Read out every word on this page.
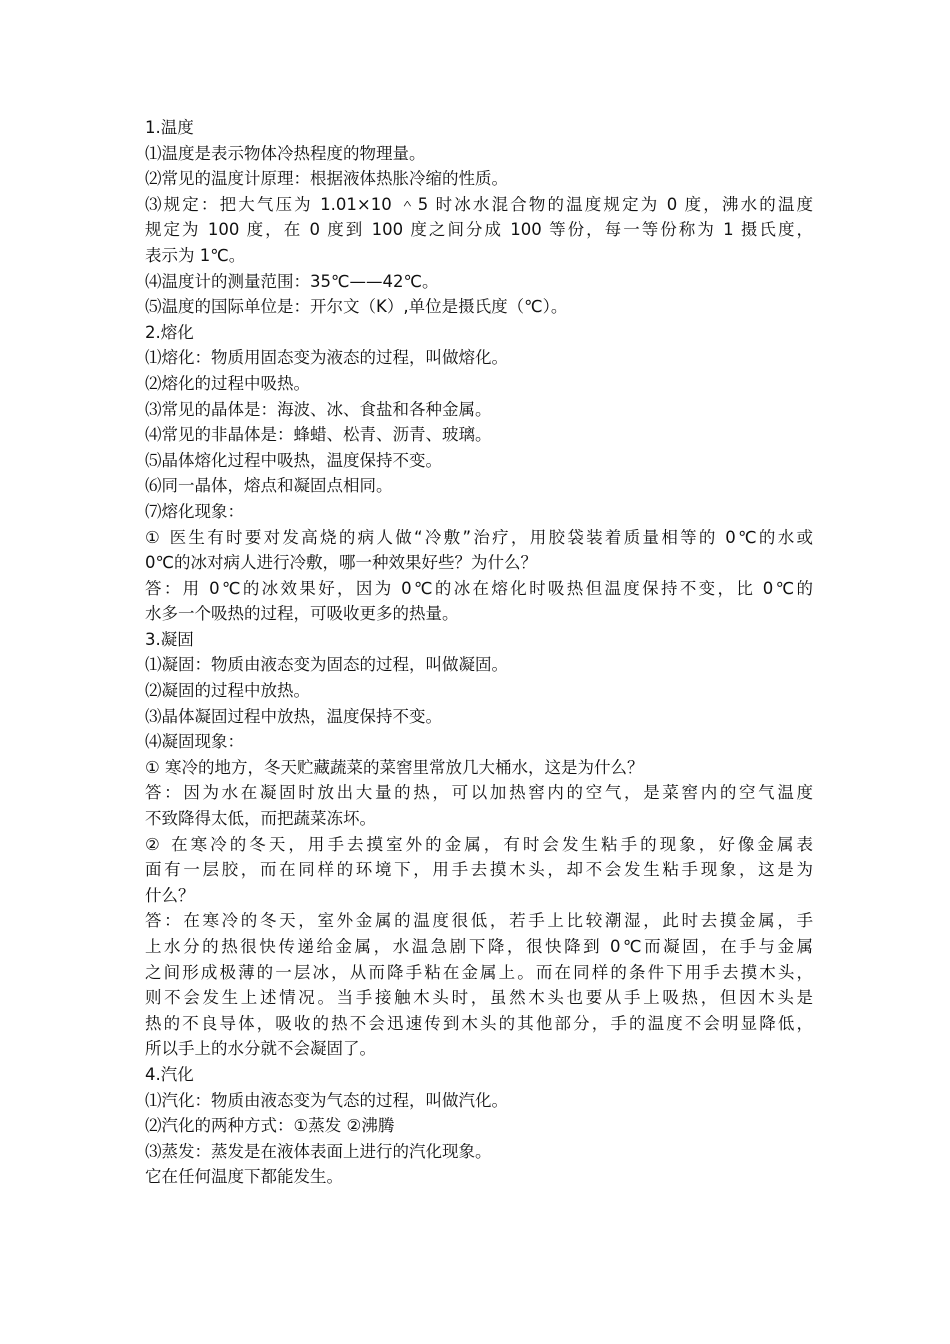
1.温度
⑴温度是表示物体冷热程度的物理量。
⑵常见的温度计原理：根据液体热胀冷缩的性质。
⑶规定：把大气压为 1.01×10 ＾5 时冰水混合物的温度规定为 0 度，沸水的温度
规定为 100 度，在 0 度到 100 度之间分成 100 等份，每一等份称为 1 摄氏度，
表示为 1℃。
⑷温度计的测量范围：35℃——42℃。
⑸温度的国际单位是：开尔文（K）,单位是摄氏度（℃）。
2.熔化
⑴熔化：物质用固态变为液态的过程，叫做熔化。
⑵熔化的过程中吸热。
⑶常见的晶体是：海波、冰、食盐和各种金属。
⑷常见的非晶体是：蜂蜡、松青、沥青、玻璃。
⑸晶体熔化过程中吸热，温度保持不变。
⑹同一晶体，熔点和凝固点相同。
⑺熔化现象：
① 医生有时要对发高烧的病人做“冷敷”治疗，用胶袋装着质量相等的 0℃的水或
0℃的冰对病人进行冷敷，哪一种效果好些？为什么？
答：用 0℃的冰效果好，因为 0℃的冰在熔化时吸热但温度保持不变，比 0℃的
水多一个吸热的过程，可吸收更多的热量。
3.凝固
⑴凝固：物质由液态变为固态的过程，叫做凝固。
⑵凝固的过程中放热。
⑶晶体凝固过程中放热，温度保持不变。
⑷凝固现象：
① 寒冷的地方，冬天贮藏蔬菜的菜窖里常放几大桶水，这是为什么？
答：因为水在凝固时放出大量的热，可以加热窖内的空气，是菜窖内的空气温度
不致降得太低，而把蔬菜冻坏。
② 在寒冷的冬天，用手去摸室外的金属，有时会发生粘手的现象，好像金属表
面有一层胶，而在同样的环境下，用手去摸木头，却不会发生粘手现象，这是为
什么？
答：在寒冷的冬天，室外金属的温度很低，若手上比较潮湿，此时去摸金属，手
上水分的热很快传递给金属，水温急剧下降，很快降到 0℃而凝固，在手与金属
之间形成极薄的一层冰，从而降手粘在金属上。而在同样的条件下用手去摸木头，
则不会发生上述情况。当手接触木头时，虽然木头也要从手上吸热，但因木头是
热的不良导体，吸收的热不会迅速传到木头的其他部分，手的温度不会明显降低，
所以手上的水分就不会凝固了。
4.汽化
⑴汽化：物质由液态变为气态的过程，叫做汽化。
⑵汽化的两种方式：①蒸发 ②沸腾
⑶蒸发：蒸发是在液体表面上进行的汽化现象。
它在任何温度下都能发生。
